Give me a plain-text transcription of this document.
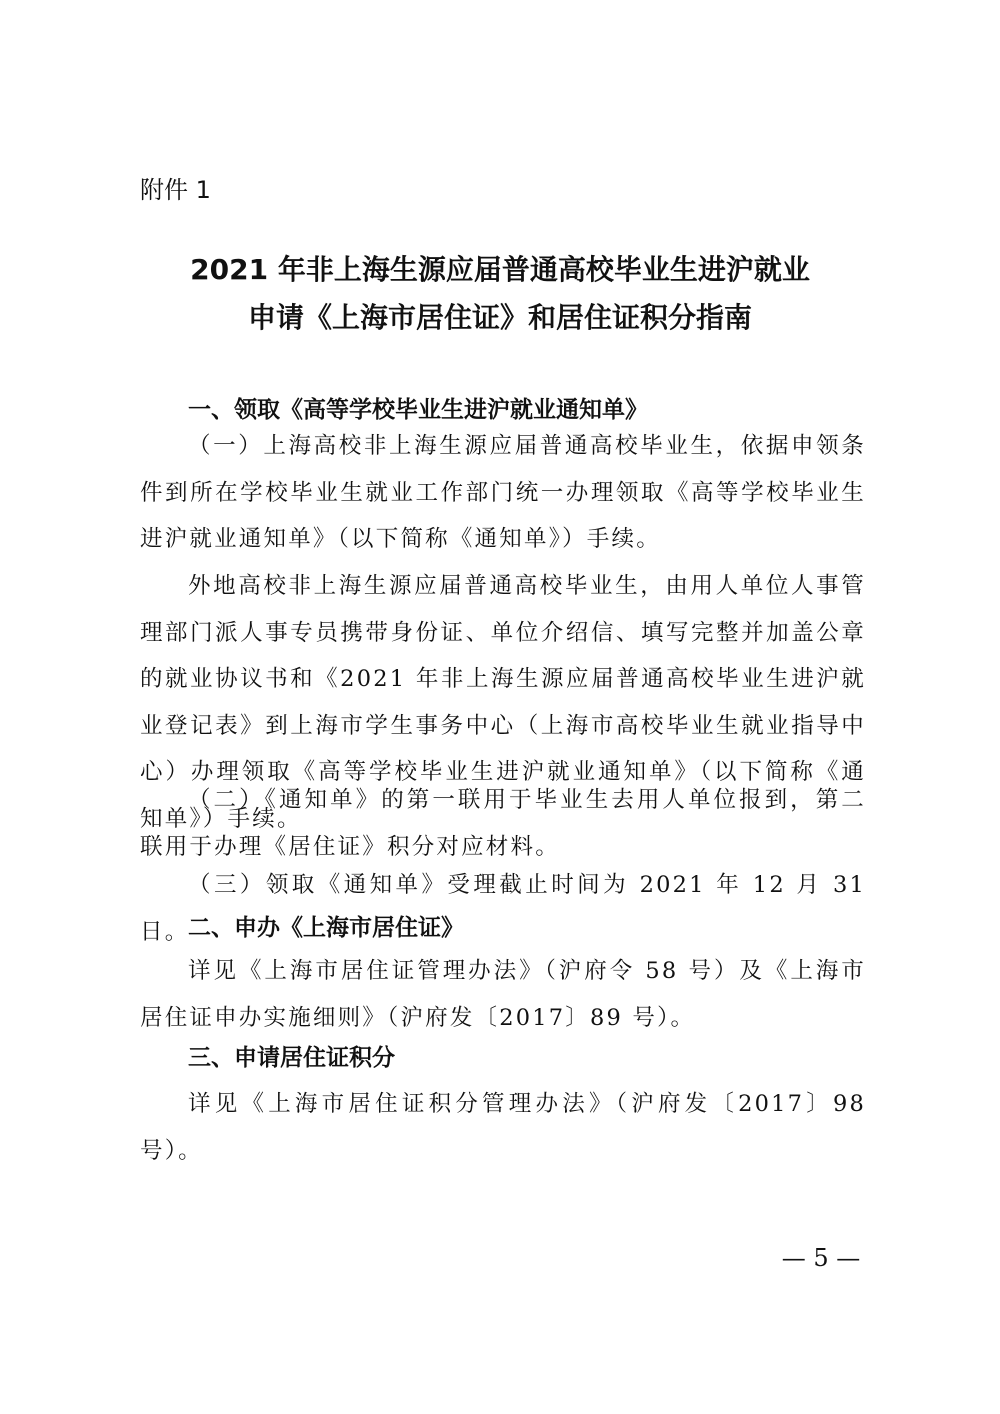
附件 1
2021 年非上海生源应届普通高校毕业生进沪就业
申请《上海市居住证》和居住证积分指南
一、领取《高等学校毕业生进沪就业通知单》
（一）上海高校非上海生源应届普通高校毕业生，依据申领条件到所在学校毕业生就业工作部门统一办理领取《高等学校毕业生进沪就业通知单》（以下简称《通知单》）手续。
外地高校非上海生源应届普通高校毕业生，由用人单位人事管理部门派人事专员携带身份证、单位介绍信、填写完整并加盖公章的就业协议书和《2021 年非上海生源应届普通高校毕业生进沪就业登记表》到上海市学生事务中心（上海市高校毕业生就业指导中心）办理领取《高等学校毕业生进沪就业通知单》（以下简称《通知单》）手续。
（二）《通知单》的第一联用于毕业生去用人单位报到，第二联用于办理《居住证》积分对应材料。
（三）领取《通知单》受理截止时间为 2021 年 12 月 31 日。
二、申办《上海市居住证》
详见《上海市居住证管理办法》（沪府令 58 号）及《上海市居住证申办实施细则》（沪府发〔2017〕89 号）。
三、申请居住证积分
详见《上海市居住证积分管理办法》（沪府发〔2017〕98 号）。
— 5 —
